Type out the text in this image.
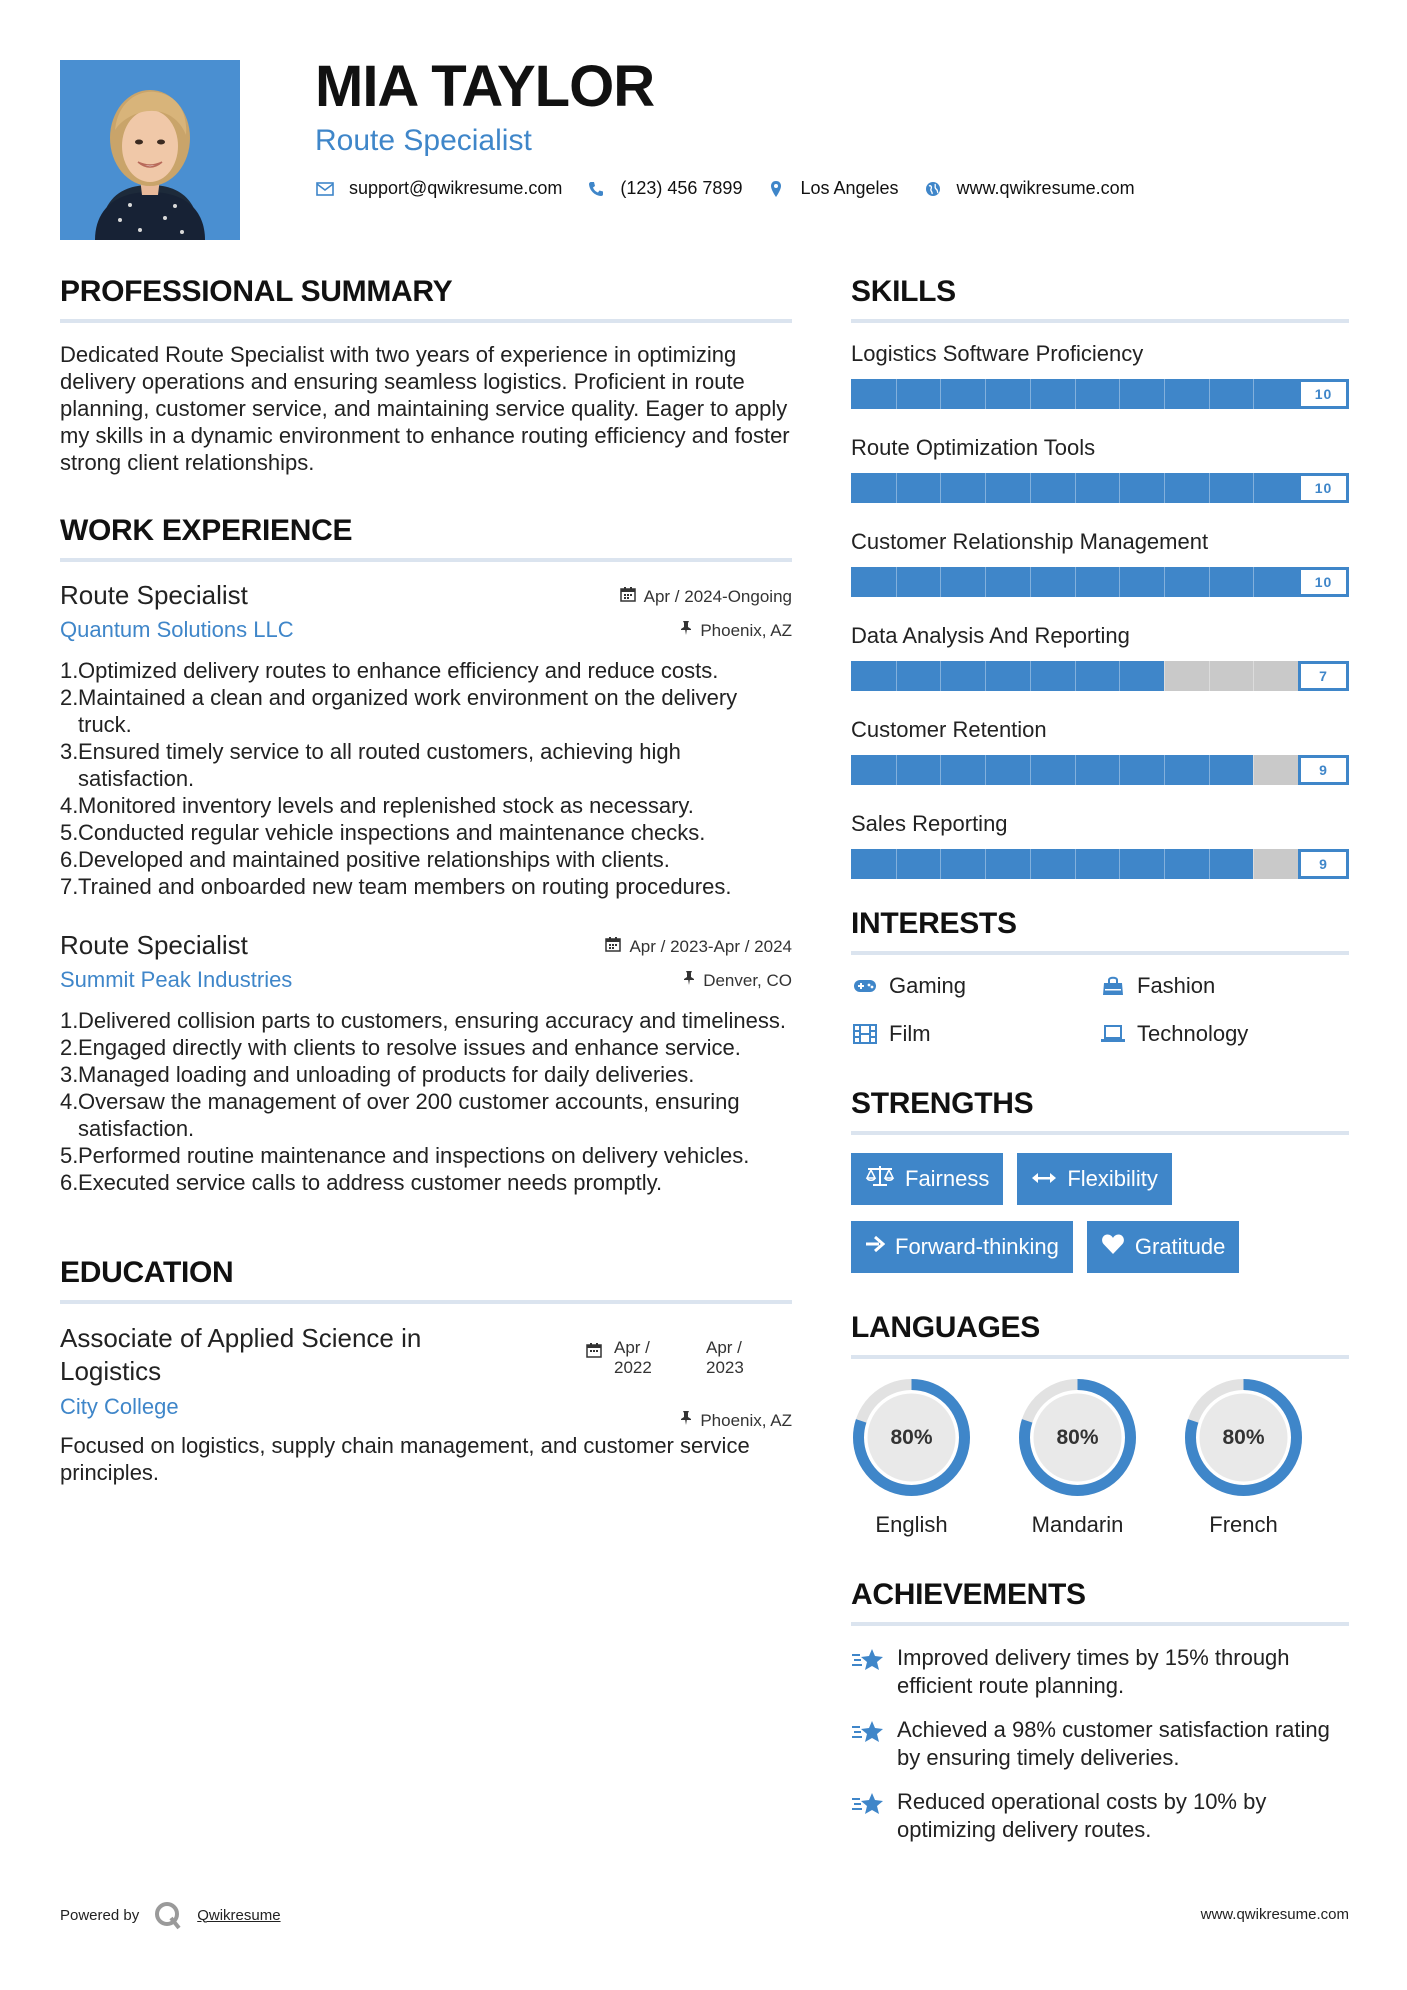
MIA TAYLOR
Route Specialist
support@qwikresume.com	(123) 456 7899	Los Angeles	www.qwikresume.com
PROFESSIONAL SUMMARY

Dedicated Route Specialist with two years of experience in optimizing delivery operations and ensuring seamless logistics. Proficient in route planning, customer service, and maintaining service quality. Eager to apply my skills in a dynamic environment to enhance routing efficiency and foster strong client relationships.

WORK EXPERIENCE
Route Specialist
Quantum Solutions LLC
Apr / 2024-Ongoing
Phoenix, AZ
1. Optimized delivery routes to enhance efficiency and reduce costs.
2. Maintained a clean and organized work environment on the delivery truck.
3. Ensured timely service to all routed customers, achieving high satisfaction.
4. Monitored inventory levels and replenished stock as necessary.
5. Conducted regular vehicle inspections and maintenance checks.
6. Developed and maintained positive relationships with clients.
7. Trained and onboarded new team members on routing procedures.
Route Specialist
Summit Peak Industries
Apr / 2023-Apr / 2024
Denver, CO
1. Delivered collision parts to customers, ensuring accuracy and timeliness.
2. Engaged directly with clients to resolve issues and enhance service.
3. Managed loading and unloading of products for daily deliveries.
4. Oversaw the management of over 200 customer accounts, ensuring satisfaction.
5. Performed routine maintenance and inspections on delivery vehicles.
6. Executed service calls to address customer needs promptly.
EDUCATION
Associate of Applied Science in Logistics
Apr / 2022
Apr / 2023
City College
Phoenix, AZ

Focused on logistics, supply chain management, and customer service principles.

SKILLS
Logistics Software Proficiency
10
Route Optimization Tools
10
Customer Relationship Management
10
Data Analysis And Reporting
7
Customer Retention
9
Sales Reporting
9
INTERESTS
Gaming	Fashion
Film	Technology
STRENGTHS
Fairness	Flexibility
Forward-thinking	Gratitude
LANGUAGES
80%
English
80%
Mandarin
80%
French
ACHIEVEMENTS
Improved delivery times by 15% through efficient route planning.
Achieved a 98% customer satisfaction rating by ensuring timely deliveries.
Reduced operational costs by 10% by optimizing delivery routes.
Powered by	Qwikresume	www.qwikresume.com
